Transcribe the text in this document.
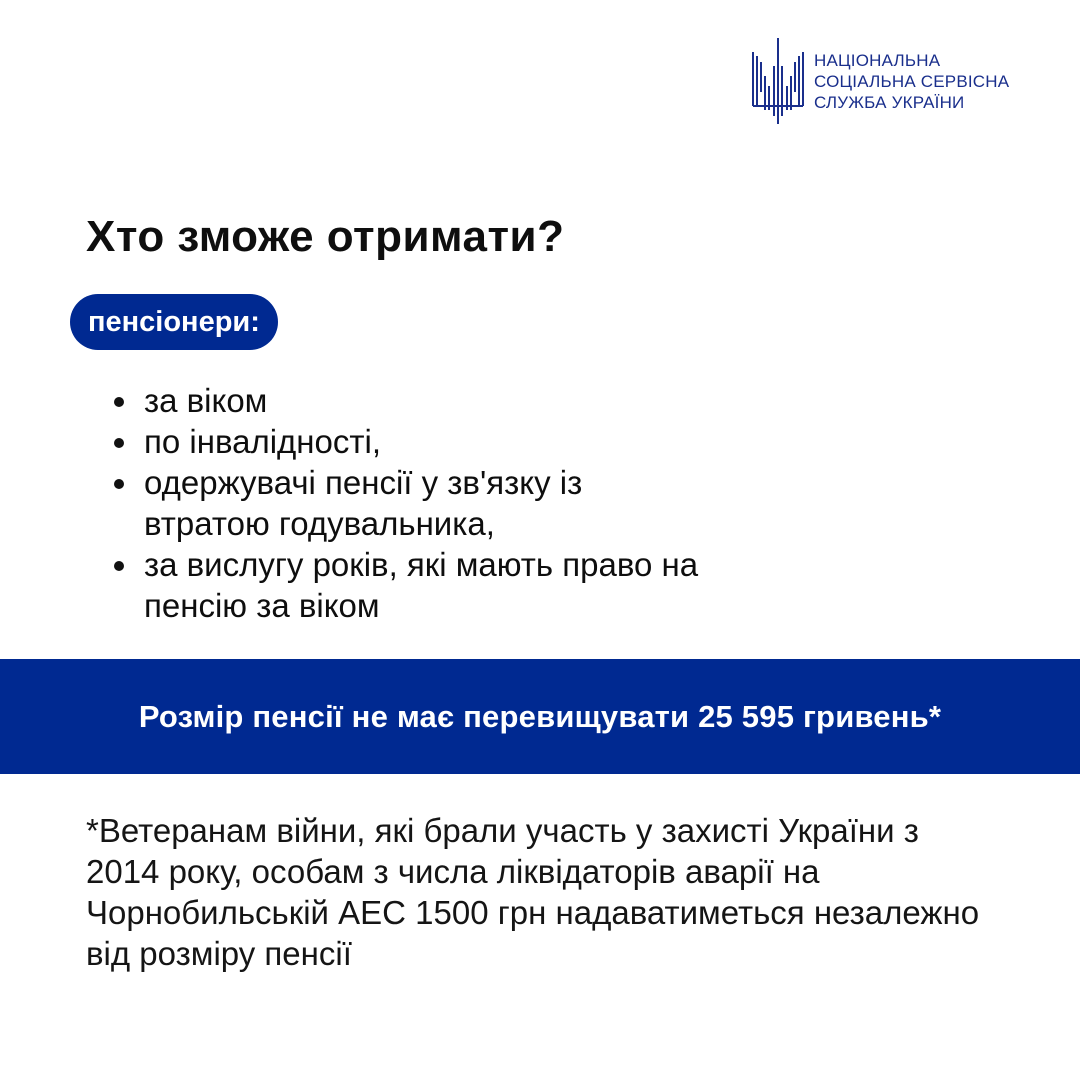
НАЦІОНАЛЬНА
СОЦІАЛЬНА СЕРВІСНА
СЛУЖБА УКРАЇНИ
Хто зможе отримати?
пенсіонери:
за віком
по інвалідності,
одержувачі пенсії у зв'язку із втратою годувальника,
за вислугу років, які мають право на пенсію за віком
Розмір пенсії не має перевищувати 25 595 гривень*
*Ветеранам війни, які брали участь у захисті України з 2014 року, особам з числа ліквідаторів аварії на Чорнобильській АЕС 1500 грн надаватиметься незалежно від розміру пенсії
